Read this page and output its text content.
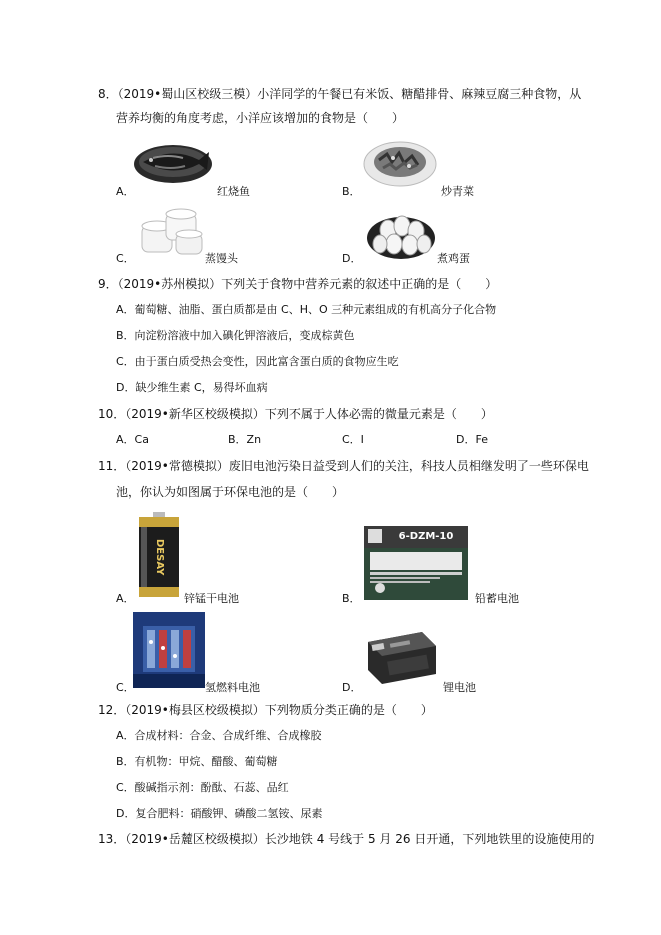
8．（2019•蜀山区校级三模）小洋同学的午餐已有米饭、糖醋排骨、麻辣豆腐三种食物，从
营养均衡的角度考虑，小洋应该增加的食物是（　　）
A．	红烧鱼	B．	炒青菜
C．	蒸馒头	D．	煮鸡蛋
9．（2019•苏州模拟）下列关于食物中营养元素的叙述中正确的是（　　）
A．葡萄糖、油脂、蛋白质都是由 C、H、O 三种元素组成的有机高分子化合物
B．向淀粉溶液中加入碘化钾溶液后，变成棕黄色
C．由于蛋白质受热会变性，因此富含蛋白质的食物应生吃
D．缺少维生素 C，易得坏血病
10．（2019•新华区校级模拟）下列不属于人体必需的微量元素是（　　）
A．Ca	B．Zn	C．I	D．Fe
11．（2019•常德模拟）废旧电池污染日益受到人们的关注，科技人员相继发明了一些环保电
池，你认为如图属于环保电池的是（　　）
DESAY
A．	锌锰干电池
6-DZM-10
B．	铅蓄电池
C．	氢燃料电池	D．	锂电池
12．（2019•梅县区校级模拟）下列物质分类正确的是（　　）
A．合成材料：合金、合成纤维、合成橡胶
B．有机物：甲烷、醋酸、葡萄糖
C．酸碱指示剂：酚酞、石蕊、品红
D．复合肥料：硝酸钾、磷酸二氢铵、尿素
13．（2019•岳麓区校级模拟）长沙地铁 4 号线于 5 月 26 日开通，下列地铁里的设施使用的
